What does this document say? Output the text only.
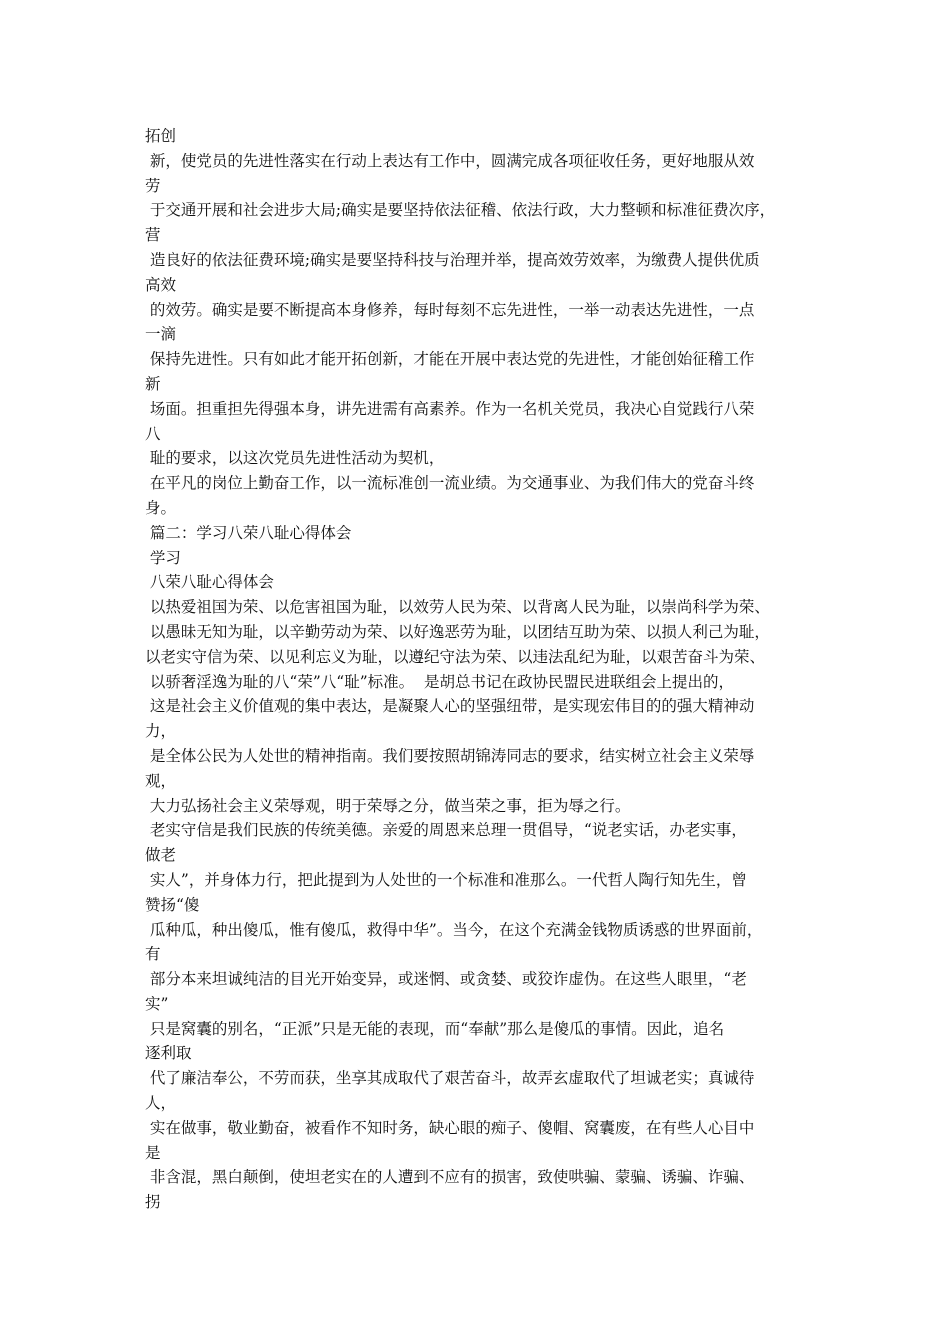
拓创
新，使党员的先进性落实在行动上表达有工作中，圆满完成各项征收任务，更好地服从效
劳
于交通开展和社会进步大局;确实是要坚持依法征稽、依法行政，大力整顿和标准征费次序，
营
造良好的依法征费环境;确实是要坚持科技与治理并举，提高效劳效率，为缴费人提供优质
高效
的效劳。确实是要不断提高本身修养，每时每刻不忘先进性，一举一动表达先进性，一点
一滴
保持先进性。只有如此才能开拓创新，才能在开展中表达党的先进性，才能创始征稽工作
新
场面。担重担先得强本身，讲先进需有高素养。作为一名机关党员，我决心自觉践行八荣
八
耻的要求，以这次党员先进性活动为契机，
在平凡的岗位上勤奋工作，以一流标准创一流业绩。为交通事业、为我们伟大的党奋斗终
身。
篇二：学习八荣八耻心得体会
学习
八荣八耻心得体会
以热爱祖国为荣、以危害祖国为耻，以效劳人民为荣、以背离人民为耻，以崇尚科学为荣、
以愚昧无知为耻，以辛勤劳动为荣、以好逸恶劳为耻，以团结互助为荣、以损人利己为耻，
以老实守信为荣、以见利忘义为耻，以遵纪守法为荣、以违法乱纪为耻，以艰苦奋斗为荣、
以骄奢淫逸为耻的八“荣”八“耻”标准。  是胡总书记在政协民盟民进联组会上提出的，
这是社会主义价值观的集中表达，是凝聚人心的坚强纽带，是实现宏伟目的的强大精神动
力，
是全体公民为人处世的精神指南。我们要按照胡锦涛同志的要求，结实树立社会主义荣辱
观，
大力弘扬社会主义荣辱观，明于荣辱之分，做当荣之事，拒为辱之行。
老实守信是我们民族的传统美德。亲爱的周恩来总理一贯倡导，“说老实话，办老实事，
做老
实人”，并身体力行，把此提到为人处世的一个标准和准那么。一代哲人陶行知先生，曾
赞扬“傻
瓜种瓜，种出傻瓜，惟有傻瓜，救得中华”。当今，在这个充满金钱物质诱惑的世界面前，
有
部分本来坦诚纯洁的目光开始变异，或迷惘、或贪婪、或狡诈虚伪。在这些人眼里，“老
实”
只是窝囊的别名，“正派”只是无能的表现，而“奉献”那么是傻瓜的事情。因此，追名
逐利取
代了廉洁奉公，不劳而获，坐享其成取代了艰苦奋斗，故弄玄虚取代了坦诚老实；真诚待
人，
实在做事，敬业勤奋，被看作不知时务，缺心眼的痴子、傻帽、窝囊废，在有些人心目中
是
非含混，黑白颠倒，使坦老实在的人遭到不应有的损害，致使哄骗、蒙骗、诱骗、诈骗、
拐
